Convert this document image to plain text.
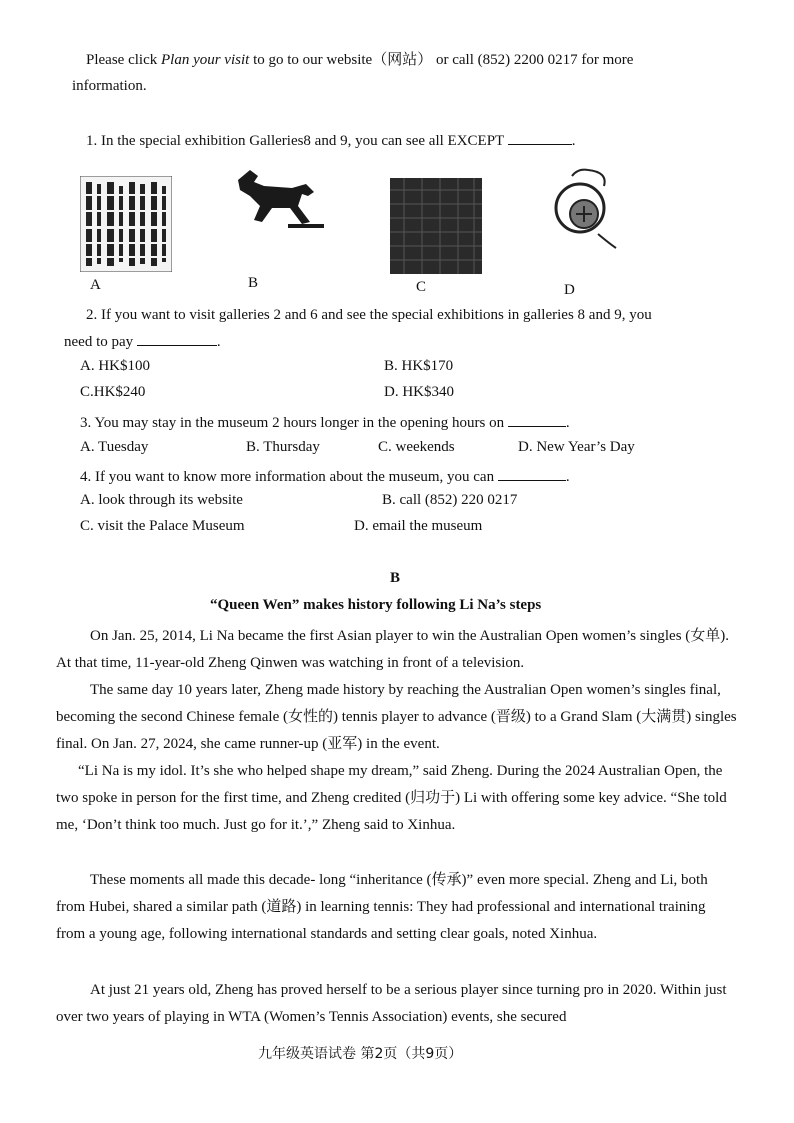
Please click Plan your visit to go to our website（网站） or call (852) 2200 0217 for more
information.
1. In the special exhibition Galleries8 and 9, you can see all EXCEPT	.
A	B	C	D
2. If you want to visit galleries 2 and 6 and see the special exhibitions in galleries 8 and 9, you
need to pay	.
A. HK$100	B. HK$170
C.HK$240	D. HK$340
3. You may stay in the museum 2 hours longer in the opening hours on	.
A. Tuesday	B. Thursday	C. weekends	D. New Year’s Day
4. If you want to know more information about the museum, you can	.
A. look through its website	B. call (852) 220 0217
C. visit the Palace Museum	D. email the museum
B
“Queen Wen” makes history following Li Na’s steps
On Jan. 25, 2014, Li Na became the first Asian player to win the Australian Open women’s singles (女单). At that time, 11-year-old Zheng Qinwen was watching in front of a television.
The same day 10 years later, Zheng made history by reaching the Australian Open women’s singles final, becoming the second Chinese female (女性的) tennis player to advance (晋级) to a Grand Slam (大满贯) singles final. On Jan. 27, 2024, she came runner-up (亚军) in the event.
“Li Na is my idol. It’s she who helped shape my dream,” said Zheng. During the 2024 Australian Open, the two spoke in person for the first time, and Zheng credited (归功于) Li with offering some key advice. “She told me, ‘Don’t think too much. Just go for it.’,” Zheng said to Xinhua.
These moments all made this decade- long “inheritance (传承)” even more special. Zheng and Li, both from Hubei, shared a similar path (道路) in learning tennis: They had professional and international training from a young age, following international standards and setting clear goals, noted Xinhua.
At just 21 years old, Zheng has proved herself to be a serious player since turning pro in 2020. Within just over two years of playing in WTA (Women’s Tennis Association) events, she secured
九年级英语试卷 第2页（共9页）
